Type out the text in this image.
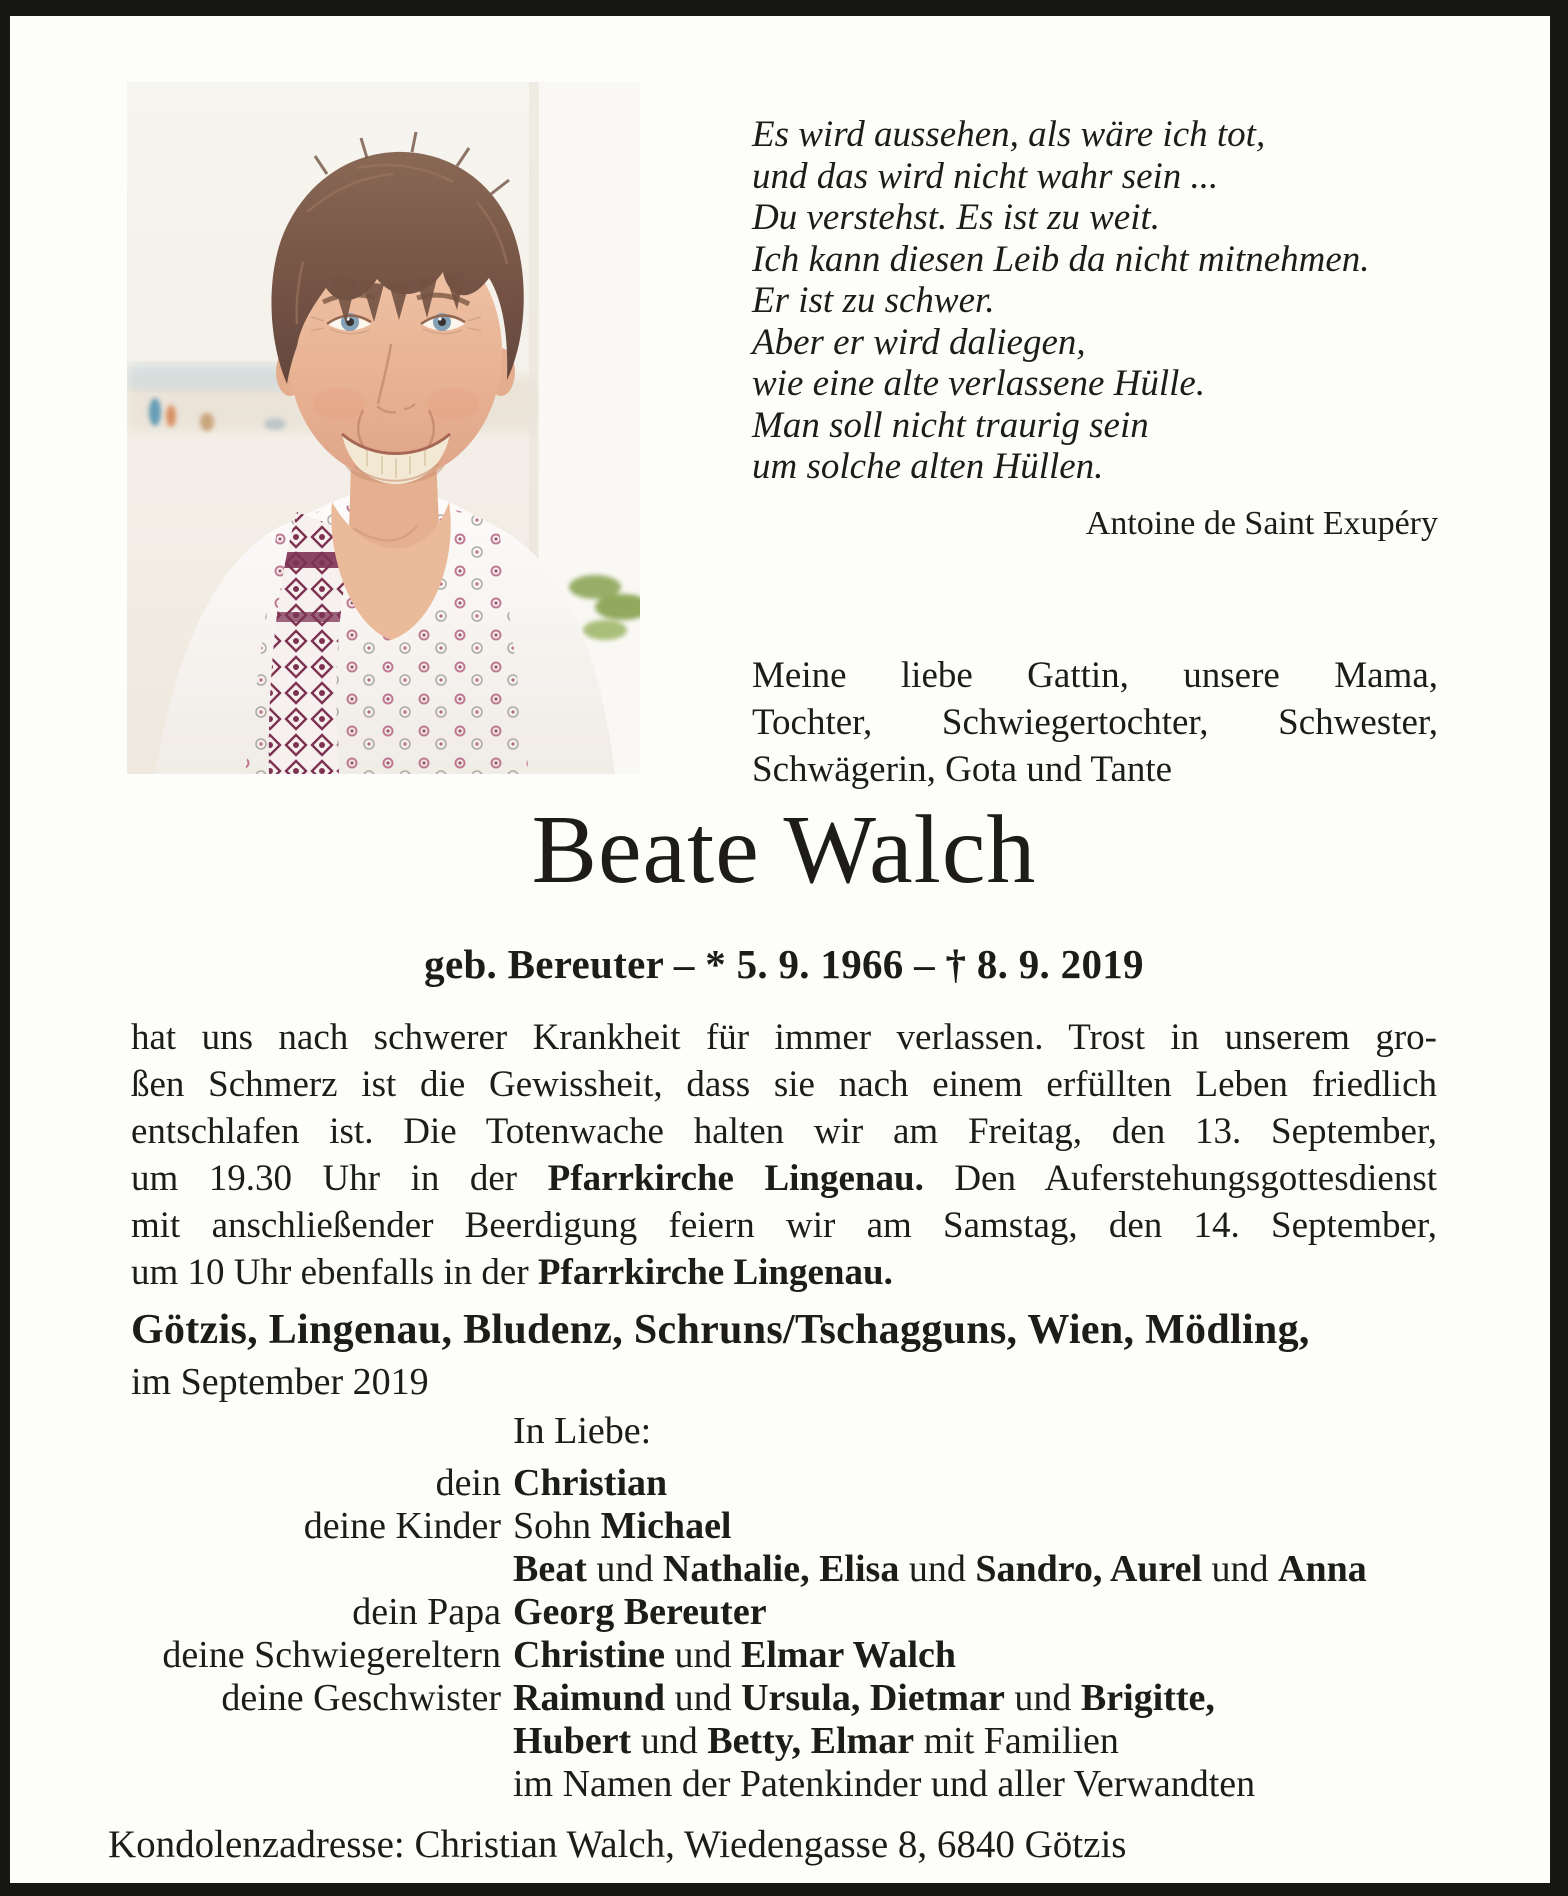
Es wird aussehen, als wäre ich tot,
und das wird nicht wahr sein ...
Du verstehst. Es ist zu weit.
Ich kann diesen Leib da nicht mitnehmen.
Er ist zu schwer.
Aber er wird daliegen,
wie eine alte verlassene Hülle.
Man soll nicht traurig sein
um solche alten Hüllen.
Antoine de Saint Exupéry
Meine liebe Gattin, unsere Mama,
Tochter, Schwiegertochter, Schwester,
Schwägerin, Gota und Tante
Beate Walch
geb. Bereuter – * 5. 9. 1966 – † 8. 9. 2019
hat uns nach schwerer Krankheit für immer verlassen. Trost in unserem gro-
ßen Schmerz ist die Gewissheit, dass sie nach einem erfüllten Leben friedlich
entschlafen ist. Die Totenwache halten wir am Freitag, den 13. September,
um 19.30 Uhr in der Pfarrkirche Lingenau. Den Auferstehungsgottesdienst
mit anschließender Beerdigung feiern wir am Samstag, den 14. September,
um 10 Uhr ebenfalls in der Pfarrkirche Lingenau.
Götzis, Lingenau, Bludenz, Schruns/Tschagguns, Wien, Mödling,
im September 2019
In Liebe:
dein Christian
deine Kinder Sohn Michael
Beat und Nathalie, Elisa und Sandro, Aurel und Anna
dein Papa Georg Bereuter
deine Schwiegereltern Christine und Elmar Walch
deine Geschwister Raimund und Ursula, Dietmar und Brigitte,
Hubert und Betty, Elmar mit Familien
im Namen der Patenkinder und aller Verwandten
Kondolenzadresse: Christian Walch, Wiedengasse 8, 6840 Götzis
